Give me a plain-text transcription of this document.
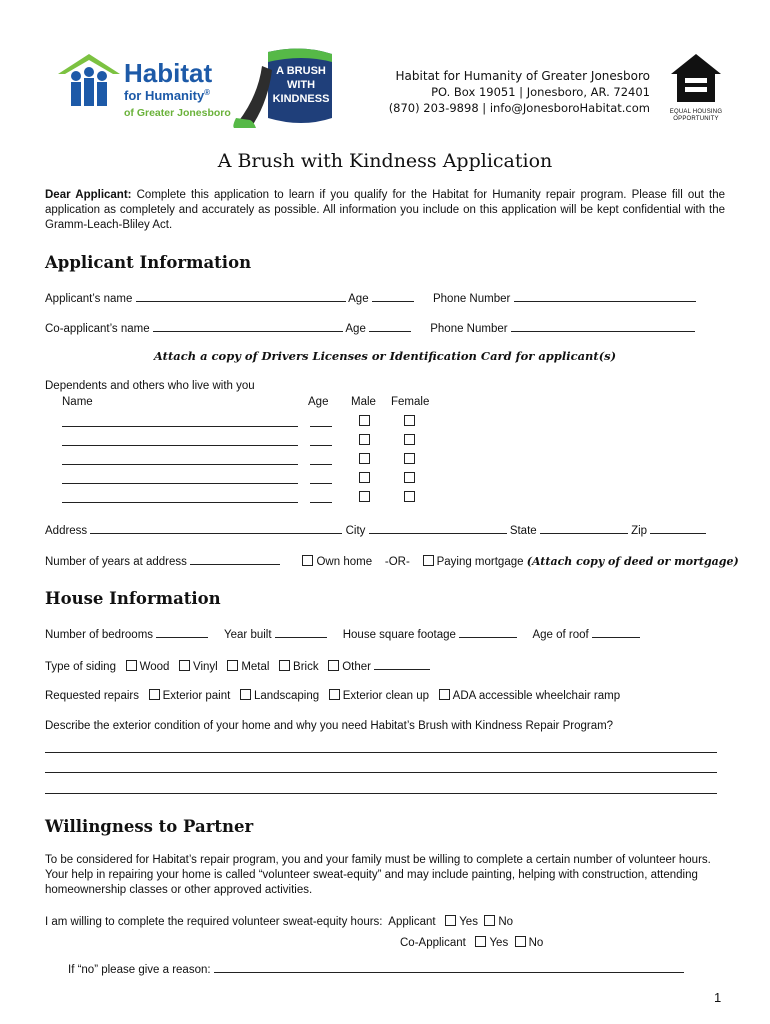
Habitat
for Humanity®
of Greater Jonesboro
A BRUSH WITH KINDNESS
Habitat for Humanity of Greater Jonesboro
PO. Box 19051 | Jonesboro, AR. 72401
(870) 203-9898 | info@JonesboroHabitat.com	EQUAL HOUSING OPPORTUNITY
A Brush with Kindness Application
Dear Applicant: Complete this application to learn if you qualify for the Habitat for Humanity repair program. Please fill out the application as completely and accurately as possible. All information you include on this application will be kept confidential with the Gramm-Leach-Bliley Act.
Applicant Information
Applicant’s name	Age	Phone Number
Co-applicant’s name	Age	Phone Number
Attach a copy of Drivers Licenses or Identification Card for applicant(s)
Dependents and others who live with you
Name	Age Male Female
Address	City	State	Zip
Number of years at address	Own home -OR- Paying mortgage (Attach copy of deed or mortgage)
House Information
Number of bedrooms	Year built	House square footage	Age of roof
Type of siding Wood Vinyl Metal Brick Other
Requested repairs Exterior paint Landscaping Exterior clean up ADA accessible wheelchair ramp
Describe the exterior condition of your home and why you need Habitat’s Brush with Kindness Repair Program?
Willingness to Partner
To be considered for Habitat’s repair program, you and your family must be willing to complete a certain number of volunteer hours. Your help in repairing your home is called “volunteer sweat-equity” and may include painting, helping with construction, attending homeownership classes or other approved activities.
I am willing to complete the required volunteer sweat-equity hours: Applicant Yes No
Co-Applicant Yes No
If “no” please give a reason:
1
